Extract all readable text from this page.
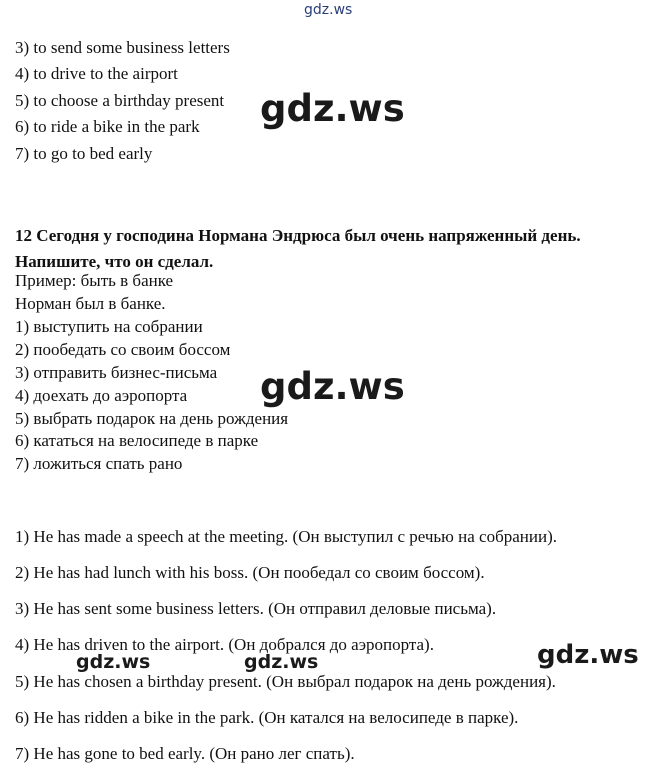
gdz.ws
3) to send some business letters
4) to drive to the airport
5) to choose a birthday present
6) to ride a bike in the park
7) to go to bed early
gdz.ws
12 Сегодня у господина Нормана Эндрюса был очень напряженный день. Напишите, что он сделал.
Пример: быть в банке
Норман был в банке.
1) выступить на собрании
2) пообедать со своим боссом
3) отправить бизнес-письма
4) доехать до аэропорта
5) выбрать подарок на день рождения
6) кататься на велосипеде в парке
7) ложиться спать рано
gdz.ws
1) He has made a speech at the meeting. (Он выступил с речью на собрании).
2) He has had lunch with his boss. (Он пообедал со своим боссом).
3) He has sent some business letters. (Он отправил деловые письма).
4) He has driven to the airport. (Он добрался до аэропорта).
5) He has chosen a birthday present. (Он выбрал подарок на день рождения).
6) He has ridden a bike in the park. (Он катался на велосипеде в парке).
7) He has gone to bed early. (Он рано лег спать).
gdz.ws
gdz.ws	gdz.ws
